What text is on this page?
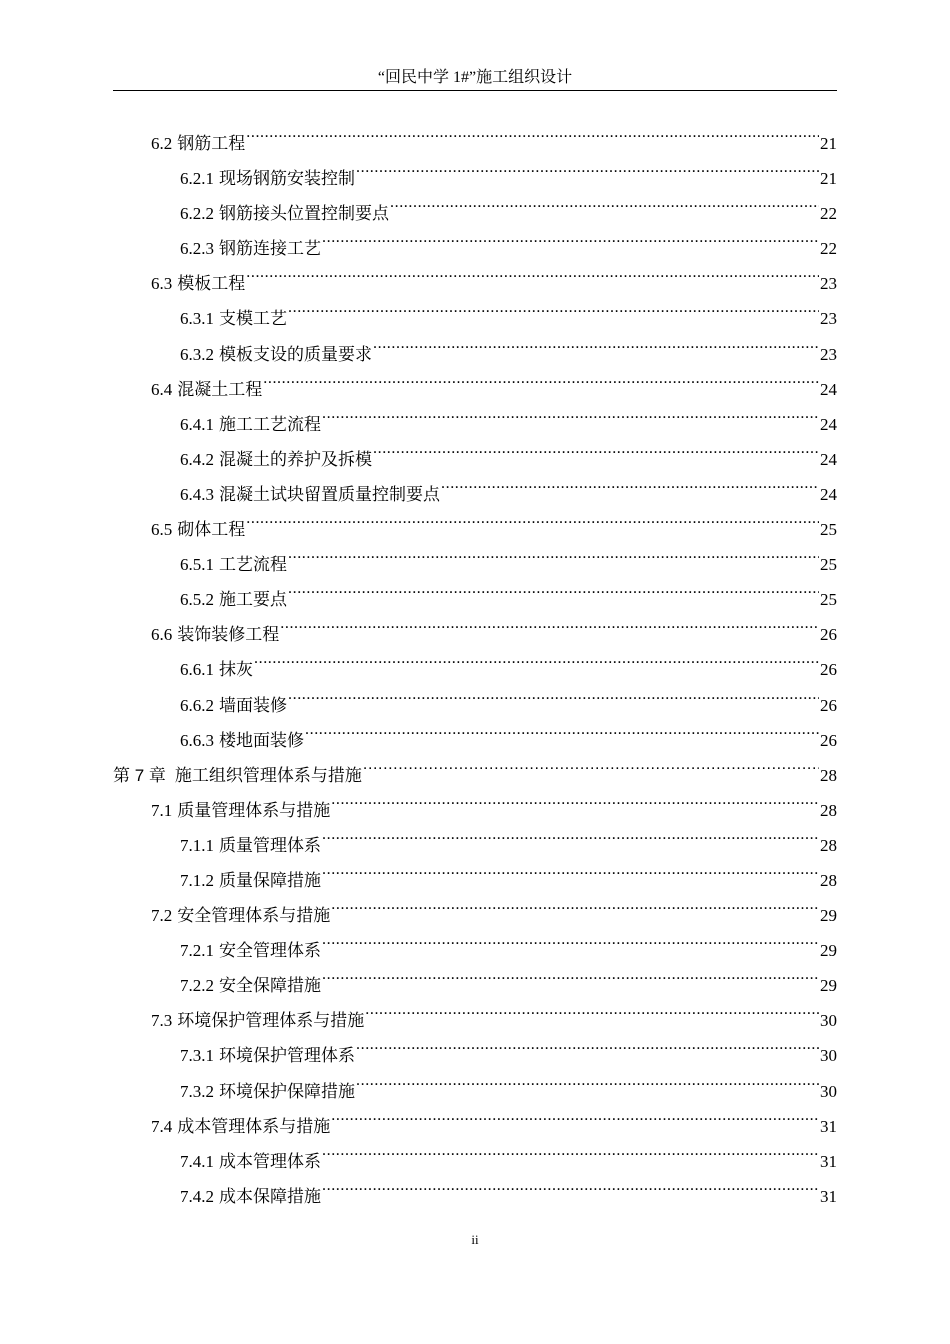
“回民中学 1#”施工组织设计
6.2 钢筋工程 .....	21
6.2.1 现场钢筋安装控制 .....	21
6.2.2 钢筋接头位置控制要点 .....	22
6.2.3 钢筋连接工艺 .....	22
6.3 模板工程 .....	23
6.3.1 支模工艺 .....	23
6.3.2 模板支设的质量要求 .....	23
6.4 混凝土工程 .....	24
6.4.1 施工工艺流程 .....	24
6.4.2 混凝土的养护及拆模 .....	24
6.4.3 混凝土试块留置质量控制要点 .....	24
6.5 砌体工程 .....	25
6.5.1 工艺流程 .....	25
6.5.2 施工要点 .....	25
6.6 装饰装修工程 .....	26
6.6.1 抹灰 .....	26
6.6.2 墙面装修 .....	26
6.6.3 楼地面装修 .....	26
第 7 章 施工组织管理体系与措施 .....	28
7.1 质量管理体系与措施 .....	28
7.1.1 质量管理体系 .....	28
7.1.2 质量保障措施 .....	28
7.2 安全管理体系与措施 .....	29
7.2.1 安全管理体系 .....	29
7.2.2 安全保障措施 .....	29
7.3 环境保护管理体系与措施 .....	30
7.3.1 环境保护管理体系 .....	30
7.3.2 环境保护保障措施 .....	30
7.4 成本管理体系与措施 .....	31
7.4.1 成本管理体系 .....	31
7.4.2 成本保障措施 .....	31
ii
